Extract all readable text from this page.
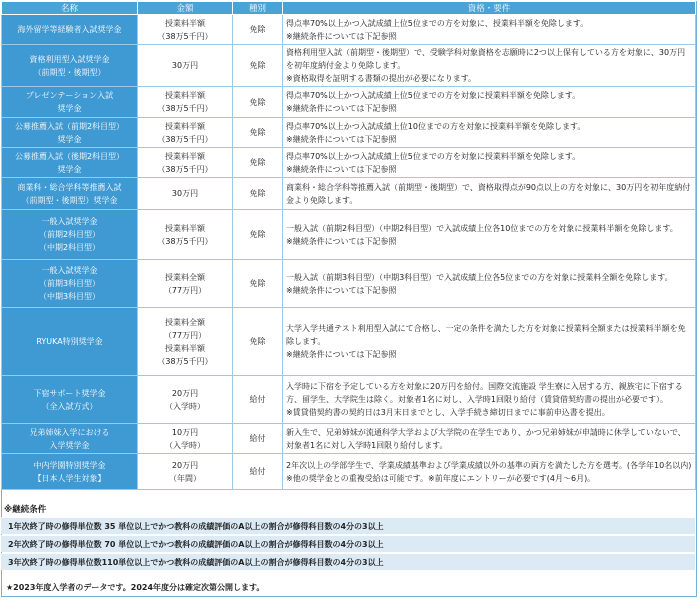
名称	金額	種別	資格・要件

海外留学等経験者入試奨学金	授業料半額
（38万5千円）	免除	得点率70%以上かつ入試成績上位5位までの方を対象に、授業料半額を免除します。
※継続条件については下記参照

資格利用型入試奨学金
（前期型・後期型）	30万円	免除	資格利用型入試（前期型・後期型）で、受験学科対象資格を志願時に2つ以上保有している方を対象に、30万円を初年度納付金より免除します。
※資格取得を証明する書類の提出が必要になります。

プレゼンテーション入試
奨学金	授業料半額
（38万5千円）	免除	得点率70%以上かつ入試成績上位5位までの方を対象に授業料半額を免除します。
※継続条件については下記参照

公募推薦入試（前期2科目型）
奨学金	授業料半額
（38万5千円）	免除	得点率70%以上かつ入試成績上位10位までの方を対象に授業料半額を免除します。
※継続条件については下記参照

公募推薦入試（後期2科目型）
奨学金	授業料半額
（38万5千円）	免除	得点率70%以上かつ入試成績上位5位までの方を対象に授業料半額を免除します。
※継続条件については下記参照

商業科・総合学科等推薦入試
（前期型・後期型）奨学金	30万円	免除	商業科・総合学科等推薦入試（前期型・後期型）で、資格取得点が90点以上の方を対象に、30万円を初年度納付金より免除します。

一般入試奨学金
（前期2科目型）
（中期2科目型）	授業料半額
（38万5千円）	免除	一般入試（前期2科目型）（中期2科目型）で入試成績上位各10位までの方を対象に授業料半額を免除します。
※継続条件については下記参照

一般入試奨学金
（前期3科目型）
（中期3科目型）	授業料全額
（77万円）	免除	一般入試（前期3科目型）（中期3科目型）で入試成績上位各5位までの方を対象に授業料全額を免除します。
※継続条件については下記参照

RYUKA特別奨学金	授業料全額
（77万円）
授業料半額
（38万5千円）	免除	大学入学共通テスト利用型入試にて合格し、一定の条件を満たした方を対象に授業料全額または授業料半額を免除します。
※継続条件については下記参照

下宿サポート奨学金
（全入試方式）	20万円
（入学時）	給付	入学時に下宿を予定している方を対象に20万円を給付。国際交流施設 学生寮に入居する方、親族宅に下宿する方、留学生、大学院生は除く。対象者1名に対し、入学時1回限り給付（賃貸借契約書の提出が必要です）。
※賃貸借契約書の契約日は3月末日までとし、入学手続き締切日までに事前申込書を提出。

兄弟姉妹入学における
入学奨学金	10万円
（入学時）	給付	新入生で、兄弟姉妹が流通科学大学および大学院の在学生であり、かつ兄弟姉妹が申請時に休学していないで、対象者1名に対し入学時1回限り給付します。

中内学園特別奨学金
【日本人学生対象】	20万円
（年間）	給付	2年次以上の学部学生で、学業成績基準および学業成績以外の基準の両方を満たした方を選考。(各学年10名以内)
※他の奨学金との重複受給は可能です。※前年度にエントリーが必要です(4月～6月)。
※継続条件
1年次終了時の修得単位数 35 単位以上でかつ教科の成績評価のA以上の割合が修得科目数の4分の3以上
2年次終了時の修得単位数 70 単位以上でかつ教科の成績評価のA以上の割合が修得科目数の4分の3以上
3年次終了時の修得単位数110単位以上でかつ教科の成績評価のA以上の割合が修得科目数の4分の3以上
★2023年度入学者のデータです。2024年度分は確定次第公開します。
